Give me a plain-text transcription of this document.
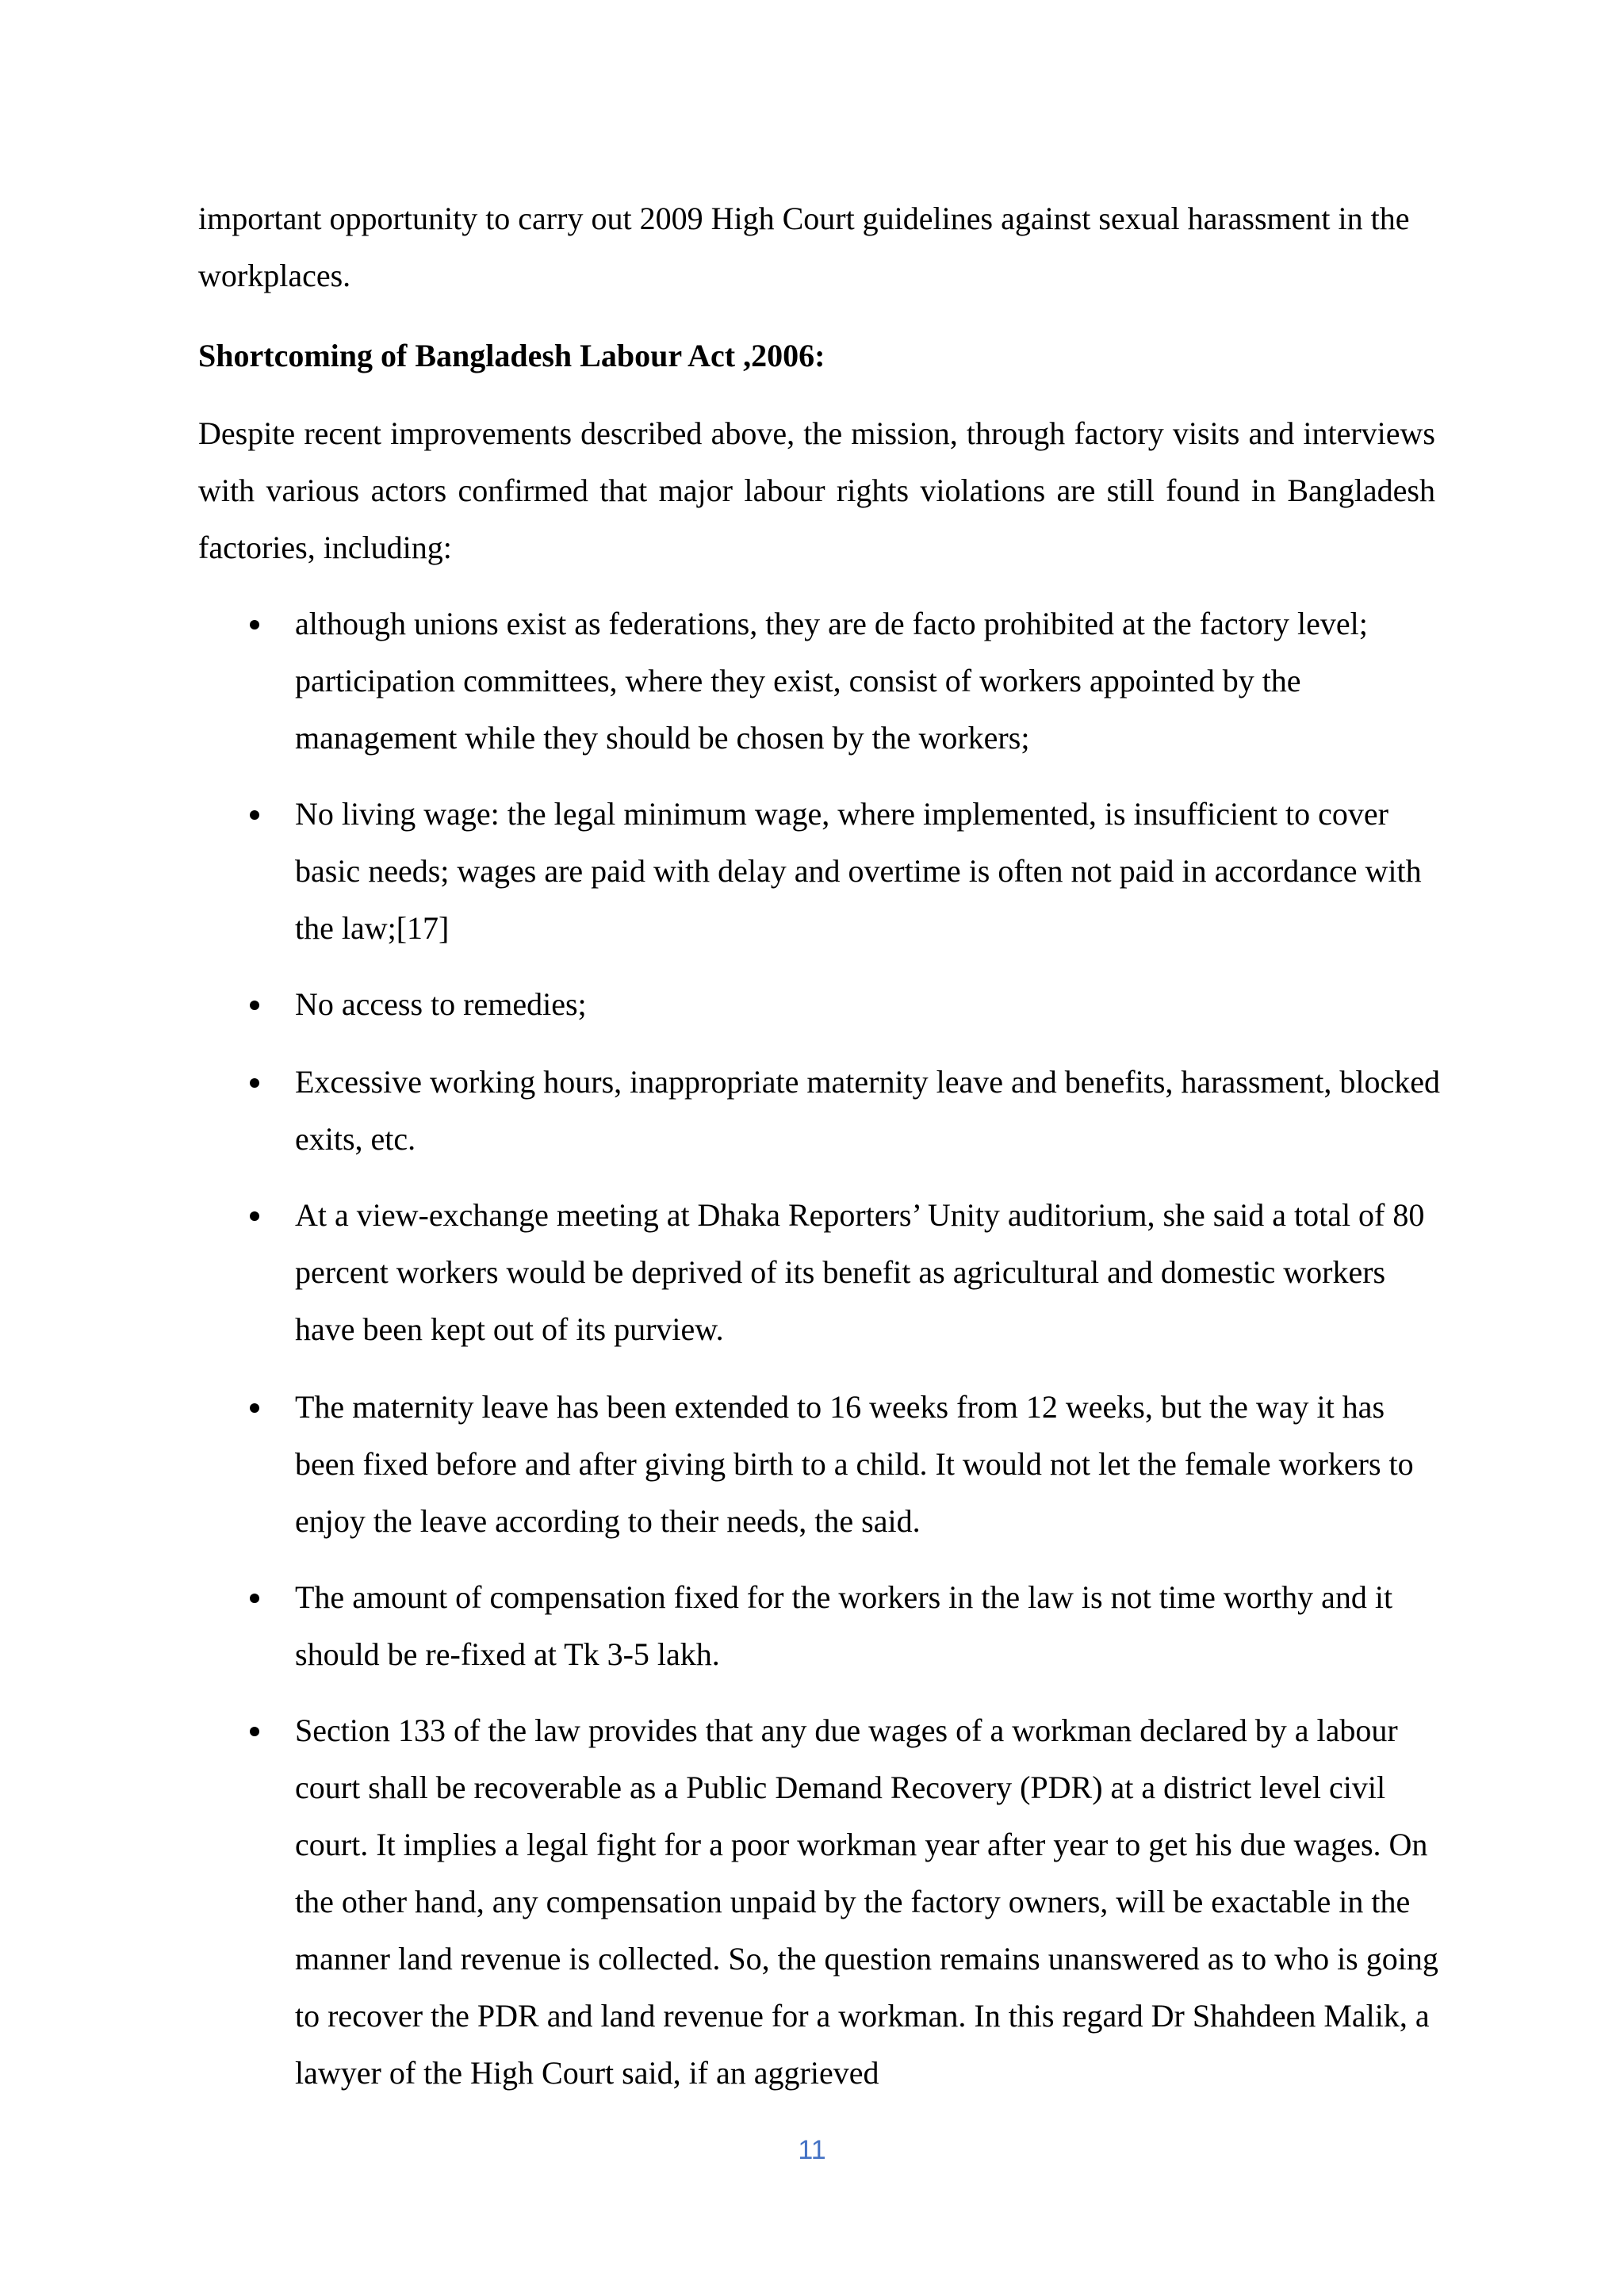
important opportunity to carry out 2009 High Court guidelines against sexual harassment in the workplaces.

Shortcoming of Bangladesh Labour Act ,2006:

Despite recent improvements described above, the mission, through factory visits and interviews with various actors confirmed that major labour rights violations are still found in Bangladesh factories, including:

although unions exist as federations, they are de facto prohibited at the factory level; participation committees, where they exist, consist of workers appointed by the management while they should be chosen by the workers;
No living wage: the legal minimum wage, where implemented, is insufficient to cover basic needs; wages are paid with delay and overtime is often not paid in accordance with the law;[17]
No access to remedies;
Excessive working hours, inappropriate maternity leave and benefits, harassment, blocked exits, etc.
At a view-exchange meeting at Dhaka Reporters’ Unity auditorium, she said a total of 80 percent workers would be deprived of its benefit as agricultural and domestic workers have been kept out of its purview.
The maternity leave has been extended to 16 weeks from 12 weeks, but the way it has been fixed before and after giving birth to a child. It would not let the female workers to enjoy the leave according to their needs, the said.
The amount of compensation fixed for the workers in the law is not time worthy and it should be re-fixed at Tk 3-5 lakh.
Section 133 of the law provides that any due wages of a workman declared by a labour court shall be recoverable as a Public Demand Recovery (PDR) at a district level civil court. It implies a legal fight for a poor workman year after year to get his due wages. On the other hand, any compensation unpaid by the factory owners, will be exactable in the manner land revenue is collected. So, the question remains unanswered as to who is going to recover the PDR and land revenue for a workman. In this regard Dr Shahdeen Malik, a lawyer of the High Court said, if an aggrieved
11
